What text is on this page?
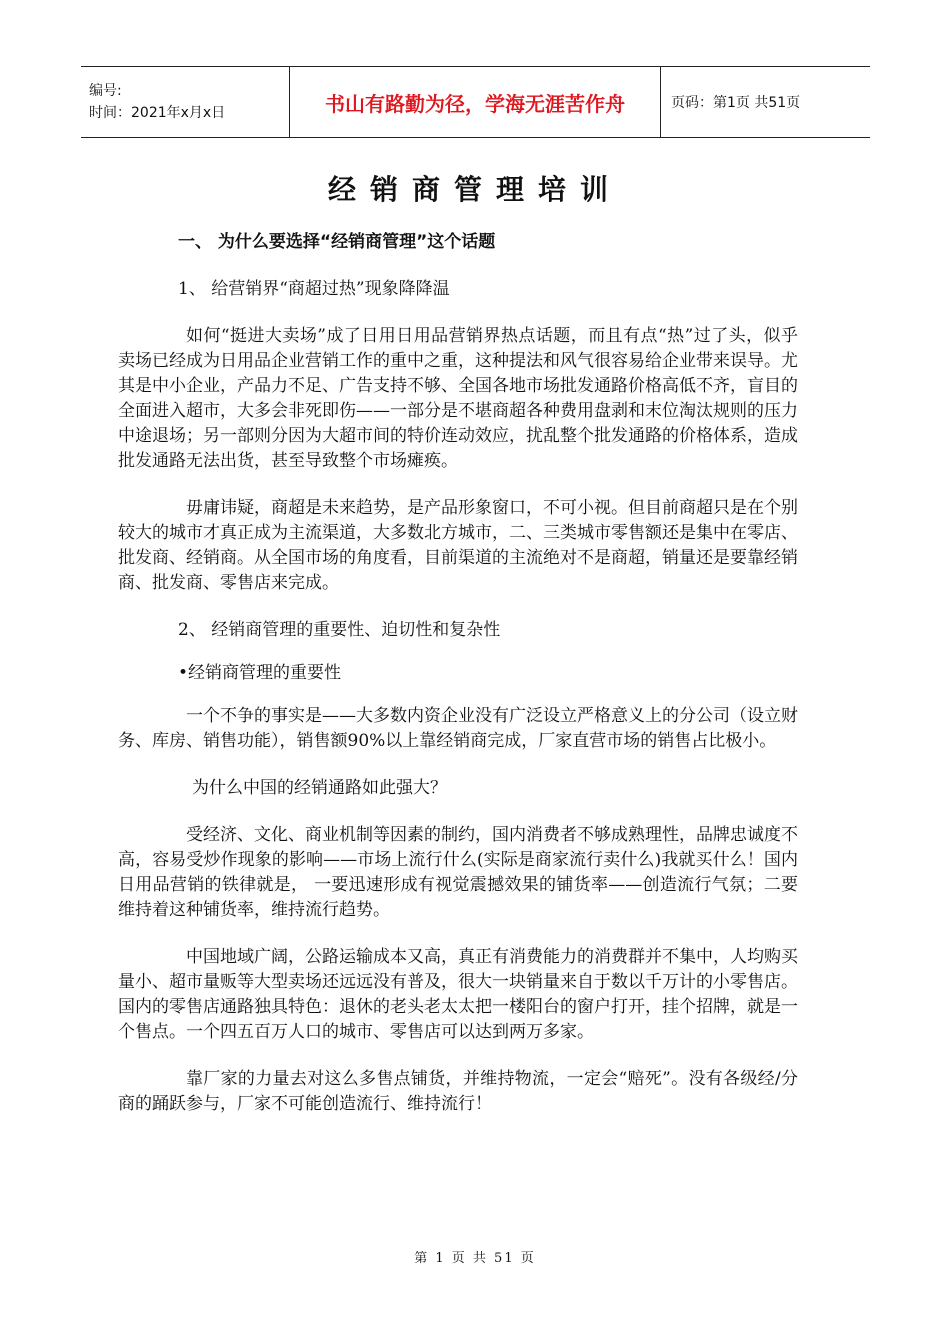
编号:
时间：2021年x月x日	书山有路勤为径，学海无涯苦作舟	页码：第1页 共51页
经销商管理培训

一、 为什么要选择“经销商管理”这个话题

1、 给营销界“商超过热”现象降降温

如何“挺进大卖场”成了日用日用品营销界热点话题，而且有点“热”过了头，似乎卖场已经成为日用品企业营销工作的重中之重，这种提法和风气很容易给企业带来误导。尤其是中小企业，产品力不足、广告支持不够、全国各地市场批发通路价格高低不齐，盲目的全面进入超市，大多会非死即伤——一部分是不堪商超各种费用盘剥和末位淘汰规则的压力中途退场；另一部则分因为大超市间的特价连动效应，扰乱整个批发通路的价格体系，造成批发通路无法出货，甚至导致整个市场瘫痪。

毋庸讳疑，商超是未来趋势，是产品形象窗口，不可小视。但目前商超只是在个别较大的城市才真正成为主流渠道，大多数北方城市，二、三类城市零售额还是集中在零店、批发商、经销商。从全国市场的角度看，目前渠道的主流绝对不是商超，销量还是要靠经销商、批发商、零售店来完成。

2、 经销商管理的重要性、迫切性和复杂性

•经销商管理的重要性

一个不争的事实是——大多数内资企业没有广泛设立严格意义上的分公司（设立财务、库房、销售功能），销售额90%以上靠经销商完成，厂家直营市场的销售占比极小。

为什么中国的经销通路如此强大？

受经济、文化、商业机制等因素的制约，国内消费者不够成熟理性，品牌忠诚度不高，容易受炒作现象的影响——市场上流行什么(实际是商家流行卖什么)我就买什么！国内日用品营销的铁律就是， 一要迅速形成有视觉震撼效果的铺货率——创造流行气氛；二要维持着这种铺货率，维持流行趋势。

中国地域广阔，公路运输成本又高，真正有消费能力的消费群并不集中，人均购买量小、超市量贩等大型卖场还远远没有普及，很大一块销量来自于数以千万计的小零售店。国内的零售店通路独具特色：退休的老头老太太把一楼阳台的窗户打开，挂个招牌，就是一个售点。一个四五百万人口的城市、零售店可以达到两万多家。

靠厂家的力量去对这么多售点铺货，并维持物流，一定会“赔死”。没有各级经/分商的踊跃参与，厂家不可能创造流行、维持流行！

第 1 页 共 51 页
